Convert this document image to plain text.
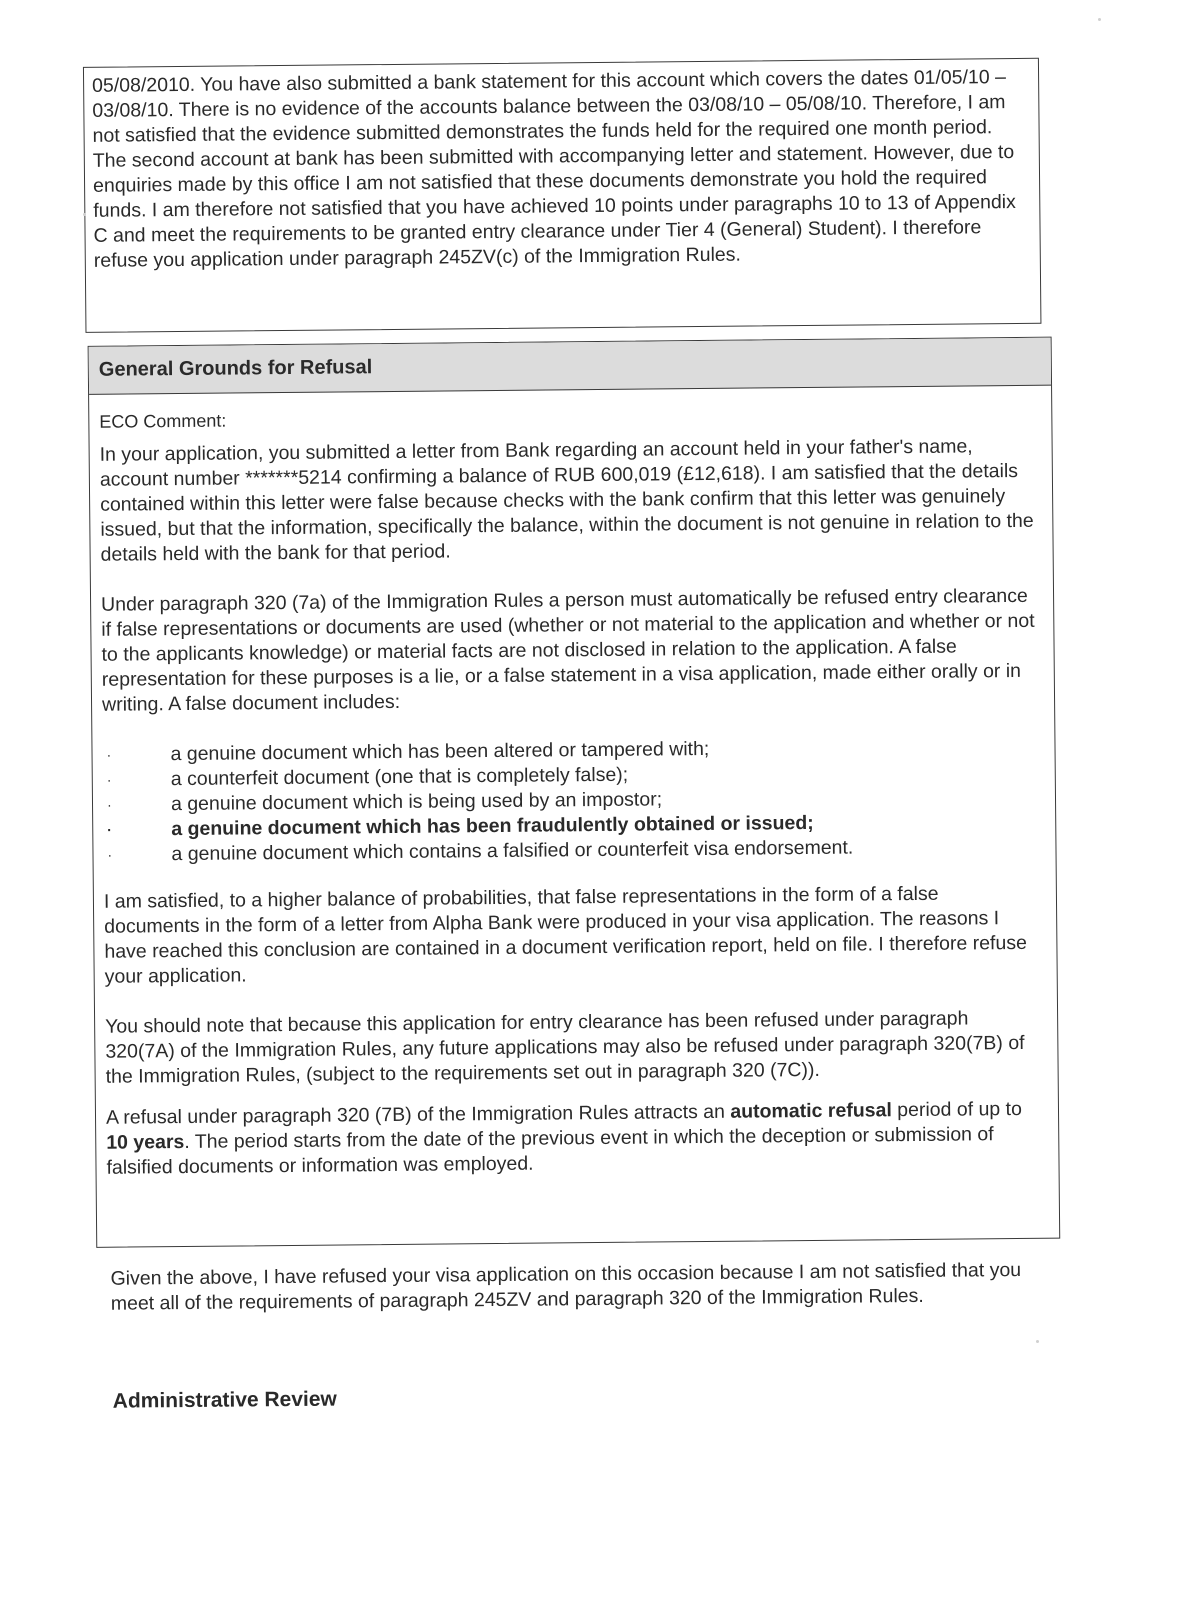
05/08/2010. You have also submitted a bank statement for this account which covers the dates 01/05/10 – 03/08/10. There is no evidence of the accounts balance between the 03/08/10 – 05/08/10. Therefore, I am not satisfied that the evidence submitted demonstrates the funds held for the required one month period. The second account at bank has been submitted with accompanying letter and statement. However, due to enquiries made by this office I am not satisfied that these documents demonstrate you hold the required funds. I am therefore not satisfied that you have achieved 10 points under paragraphs 10 to 13 of Appendix C and meet the requirements to be granted entry clearance under Tier 4 (General) Student). I therefore refuse you application under paragraph 245ZV(c) of the Immigration Rules.

General Grounds for Refusal

ECO Comment:

In your application, you submitted a letter from Bank regarding an account held in your father's name, account number *******5214 confirming a balance of RUB 600,019 (£12,618). I am satisfied that the details contained within this letter were false because checks with the bank confirm that this letter was genuinely issued, but that the information, specifically the balance, within the document is not genuine in relation to the details held with the bank for that period.

Under paragraph 320 (7a) of the Immigration Rules a person must automatically be refused entry clearance if false representations or documents are used (whether or not material to the application and whether or not to the applicants knowledge) or material facts are not disclosed in relation to the application. A false representation for these purposes is a lie, or a false statement in a visa application, made either orally or in writing. A false document includes:

·	a genuine document which has been altered or tampered with;
·	a counterfeit document (one that is completely false);
·	a genuine document which is being used by an impostor;
·	a genuine document which has been fraudulently obtained or issued;
·	a genuine document which contains a falsified or counterfeit visa endorsement.

I am satisfied, to a higher balance of probabilities, that false representations in the form of a false documents in the form of a letter from Alpha Bank were produced in your visa application. The reasons I have reached this conclusion are contained in a document verification report, held on file. I therefore refuse your application.

You should note that because this application for entry clearance has been refused under paragraph 320(7A) of the Immigration Rules, any future applications may also be refused under paragraph 320(7B) of the Immigration Rules, (subject to the requirements set out in paragraph 320 (7C)).

A refusal under paragraph 320 (7B) of the Immigration Rules attracts an automatic refusal period of up to 10 years. The period starts from the date of the previous event in which the deception or submission of falsified documents or information was employed.

Given the above, I have refused your visa application on this occasion because I am not satisfied that you meet all of the requirements of paragraph 245ZV and paragraph 320 of the Immigration Rules.

Administrative Review
